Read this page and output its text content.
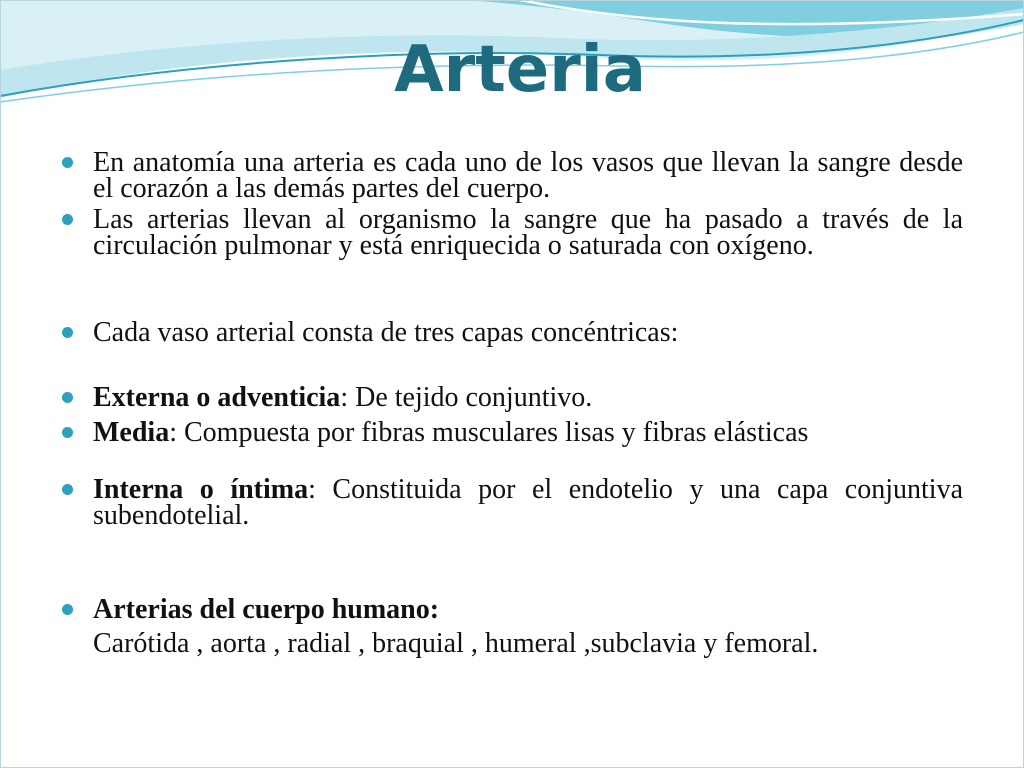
Arteria
En anatomía una arteria es cada uno de los vasos que llevan la sangre desde el corazón a las demás partes del cuerpo.
Las arterias llevan al organismo la sangre que ha pasado a través de la circulación pulmonar y está enriquecida o saturada con oxígeno.
Cada vaso arterial consta de tres capas concéntricas:
Externa o adventicia: De tejido conjuntivo.
Media: Compuesta por fibras musculares lisas y fibras elásticas
Interna o íntima: Constituida por el endotelio y una capa conjuntiva subendotelial.
Arterias del cuerpo humano:
Carótida , aorta , radial , braquial , humeral ,subclavia y femoral.
